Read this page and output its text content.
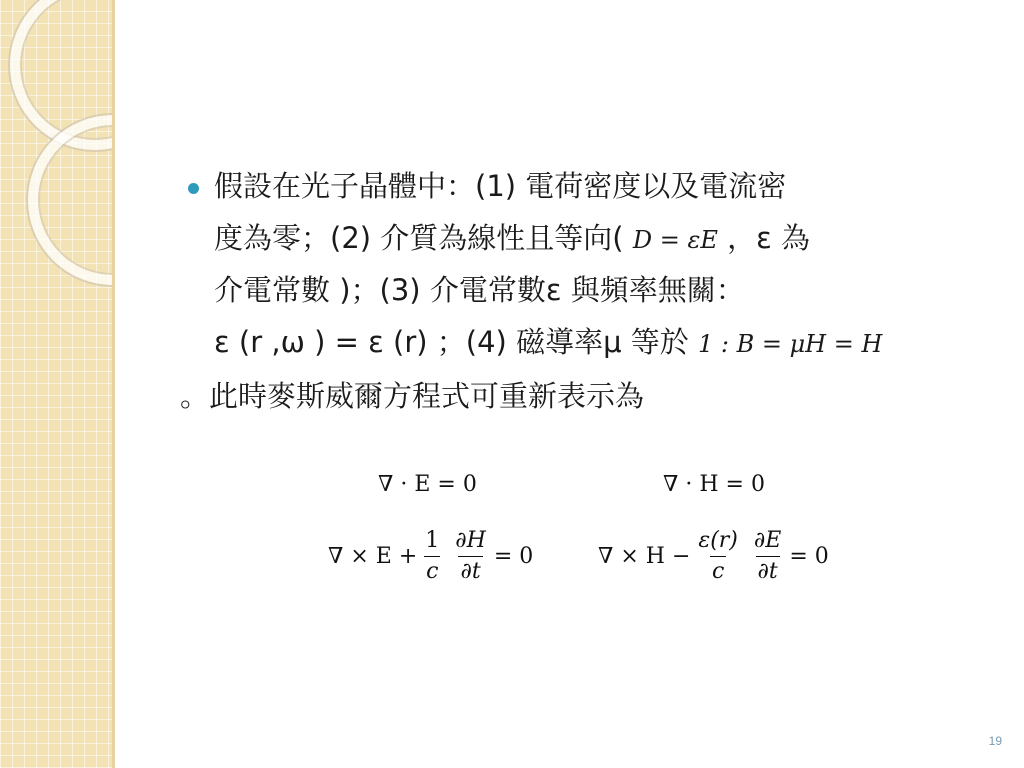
假設在光子晶體中：(1) 電荷密度以及電流密
度為零；(2) 介質為線性且等向( D = εE ，ε 為
介電常數 )；(3) 介電常數ε 與頻率無關：
ε (r ,ω ) = ε (r) ；(4) 磁導率μ 等於 1 : B = μH = H
。此時麥斯威爾方程式可重新表示為
∇ · E = 0	∇ · H = 0
∇ × $E + \frac{1}{c} \frac{\partial H}{\partial t} = 0$	∇ × $H - \frac{\varepsilon(r)}{c} \frac{\partial E}{\partial t} = 0$
19
